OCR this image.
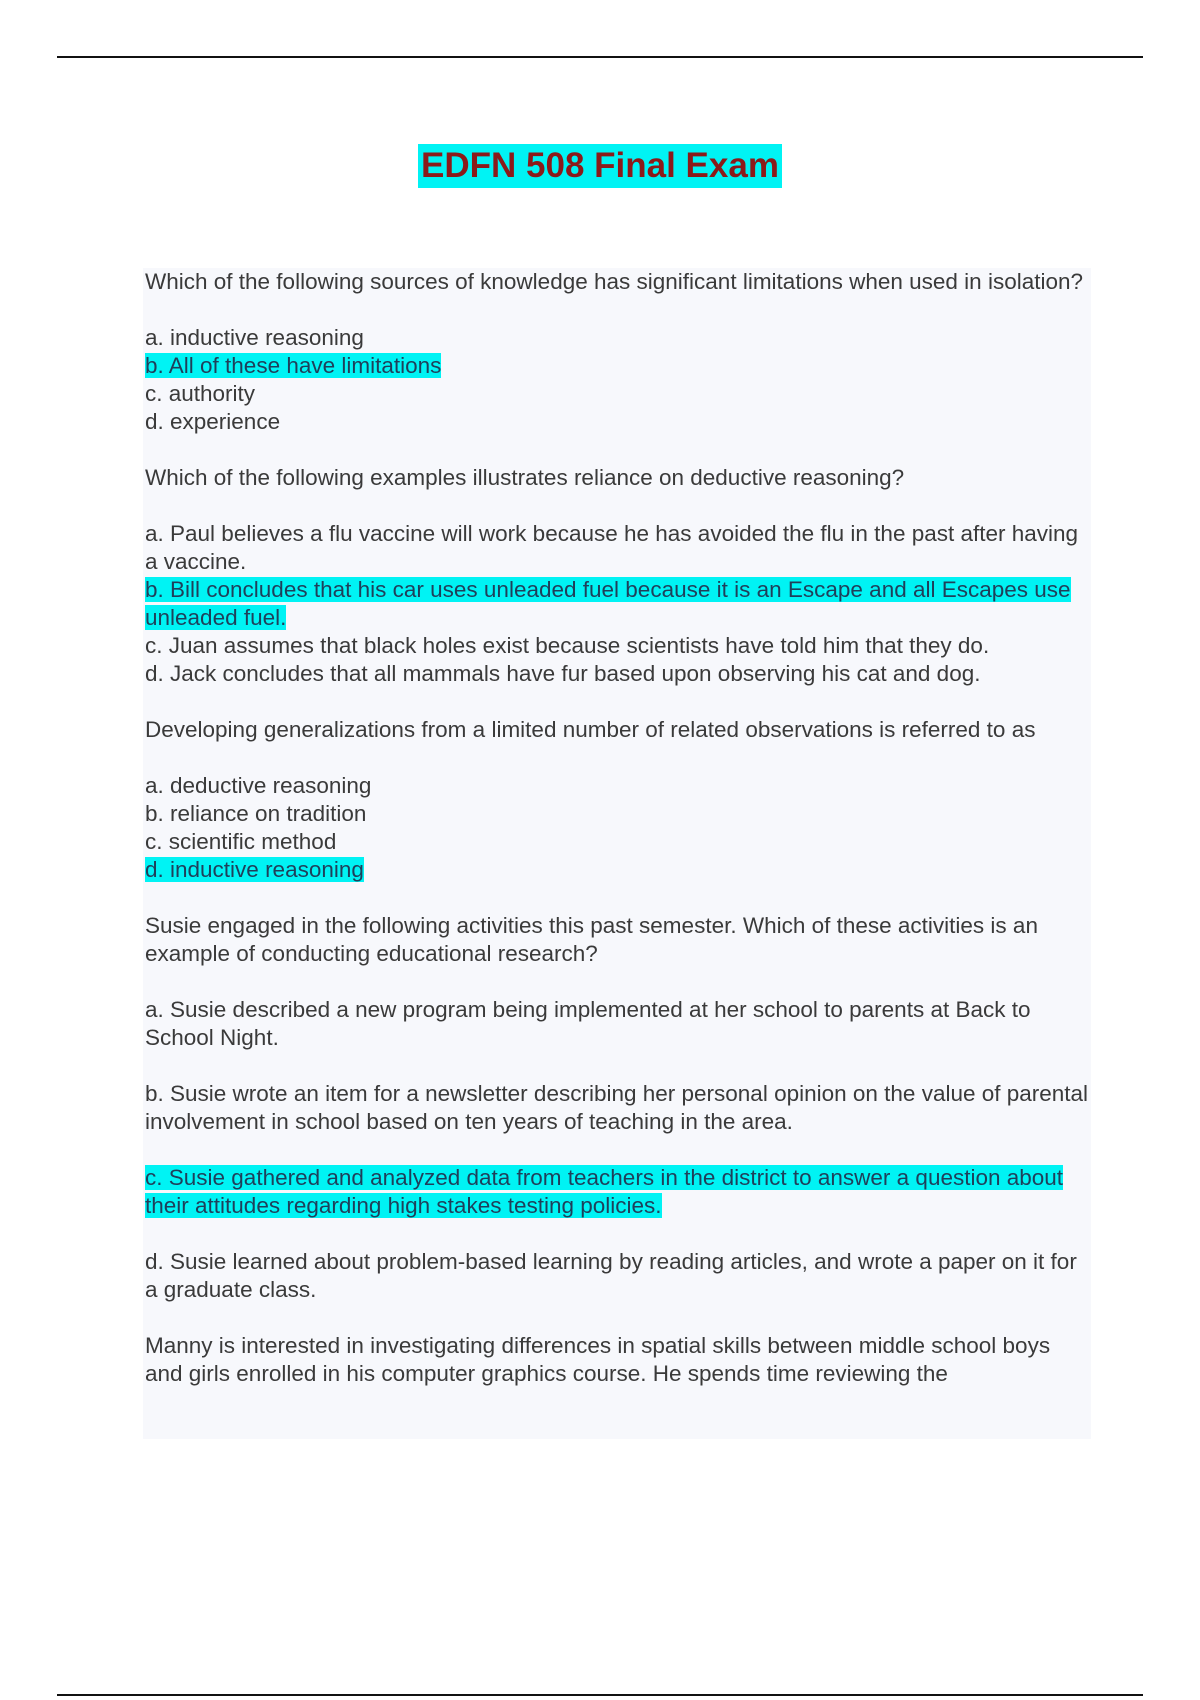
EDFN 508 Final Exam
Which of the following sources of knowledge has significant limitations when used in isolation?
a. inductive reasoning
b. All of these have limitations
c. authority
d. experience
Which of the following examples illustrates reliance on deductive reasoning?
a. Paul believes a flu vaccine will work because he has avoided the flu in the past after having a vaccine.
b. Bill concludes that his car uses unleaded fuel because it is an Escape and all Escapes use unleaded fuel.
c. Juan assumes that black holes exist because scientists have told him that they do.
d. Jack concludes that all mammals have fur based upon observing his cat and dog.
Developing generalizations from a limited number of related observations is referred to as
a. deductive reasoning
b. reliance on tradition
c. scientific method
d. inductive reasoning
Susie engaged in the following activities this past semester. Which of these activities is an example of conducting educational research?
a. Susie described a new program being implemented at her school to parents at Back to School Night.
b. Susie wrote an item for a newsletter describing her personal opinion on the value of parental involvement in school based on ten years of teaching in the area.
c. Susie gathered and analyzed data from teachers in the district to answer a question about their attitudes regarding high stakes testing policies.
d. Susie learned about problem-based learning by reading articles, and wrote a paper on it for a graduate class.
Manny is interested in investigating differences in spatial skills between middle school boys and girls enrolled in his computer graphics course. He spends time reviewing the
